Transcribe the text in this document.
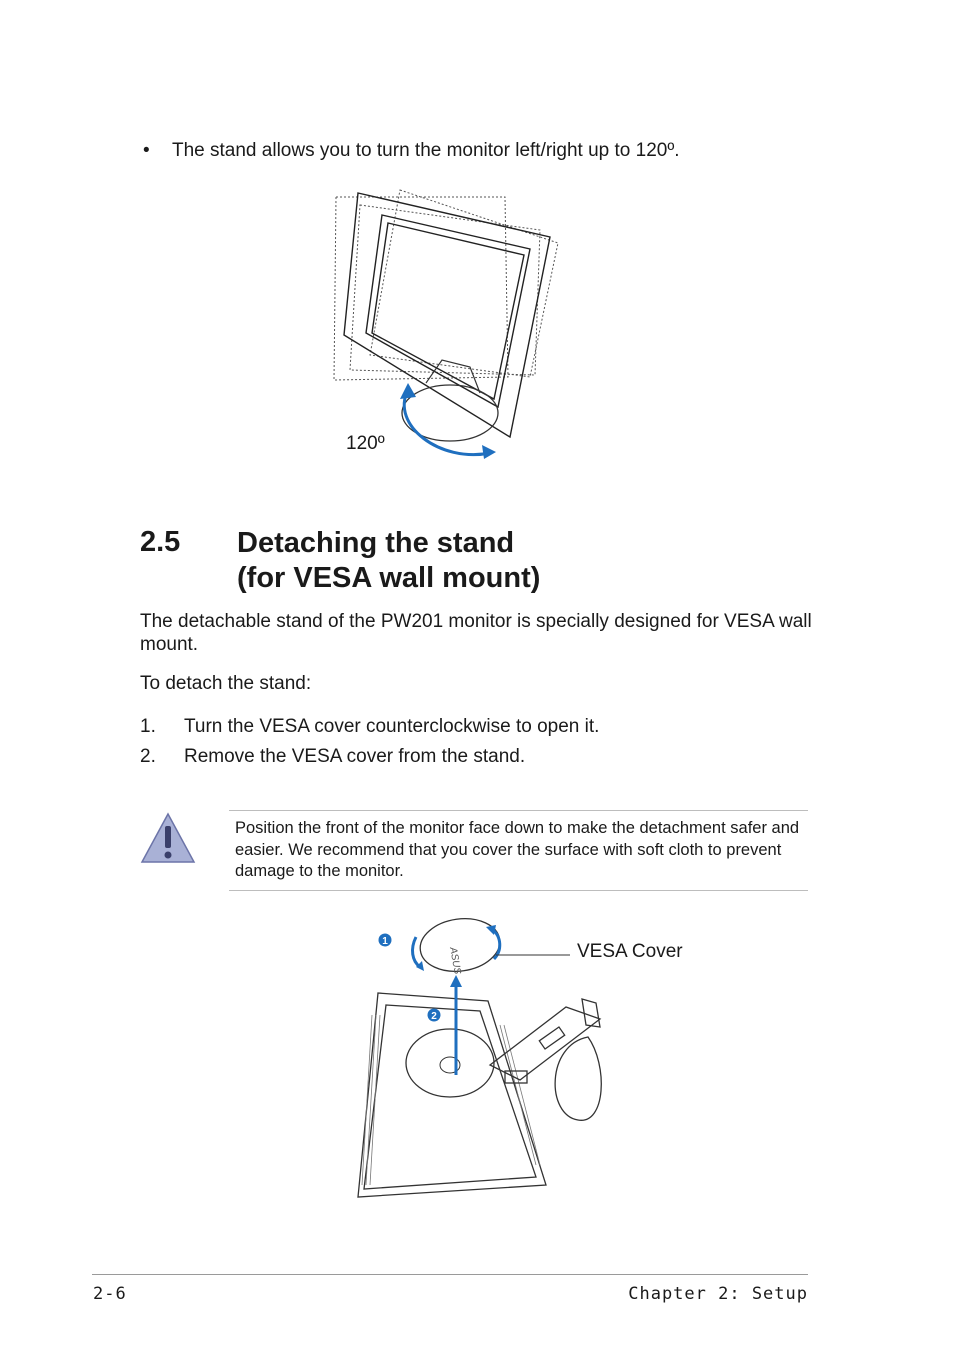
• The stand allows you to turn the monitor left/right up to 120º.
120º
2.5 Detaching the stand
(for VESA wall mount)
The detachable stand of the PW201 monitor is specially designed for VESA wall mount.
To detach the stand:
1. Turn the VESA cover counterclockwise to open it.
2. Remove the VESA cover from the stand.
Position the front of the monitor face down to make the detachment safer and easier. We recommend that you cover the surface with soft cloth to prevent damage to the monitor.
ASUS
1
2
VESA Cover
2-6	Chapter 2: Setup
